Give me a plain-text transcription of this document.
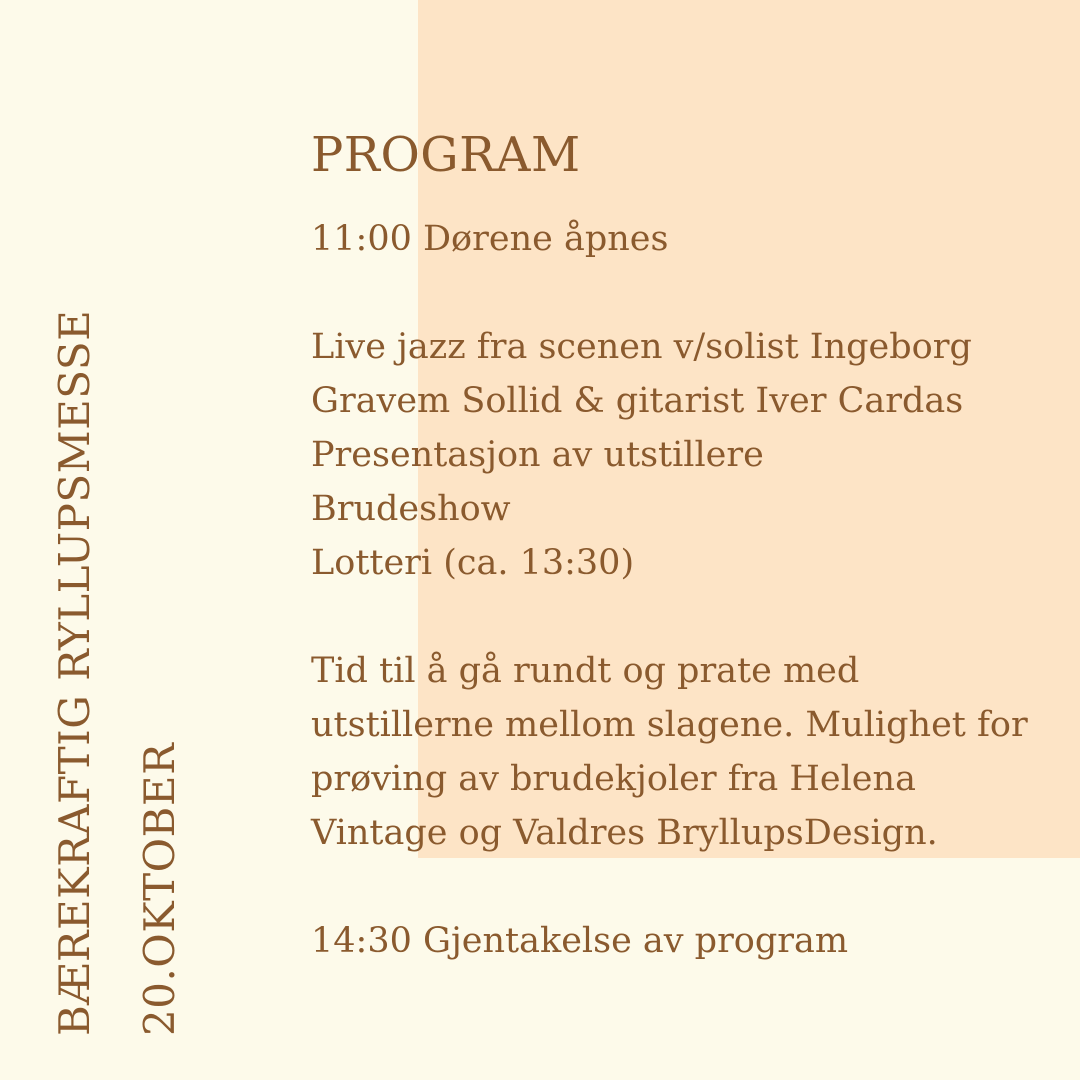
BÆREKRAFTIG RYLLUPSMESSE 20.OKTOBER
PROGRAM
11:00 Dørene åpnes
Live jazz fra scenen v/solist Ingeborg
Gravem Sollid & gitarist Iver Cardas
Presentasjon av utstillere
Brudeshow
Lotteri (ca. 13:30)
Tid til å gå rundt og prate med
utstillerne mellom slagene. Mulighet for
prøving av brudekjoler fra Helena
Vintage og Valdres BryllupsDesign.
14:30 Gjentakelse av program
